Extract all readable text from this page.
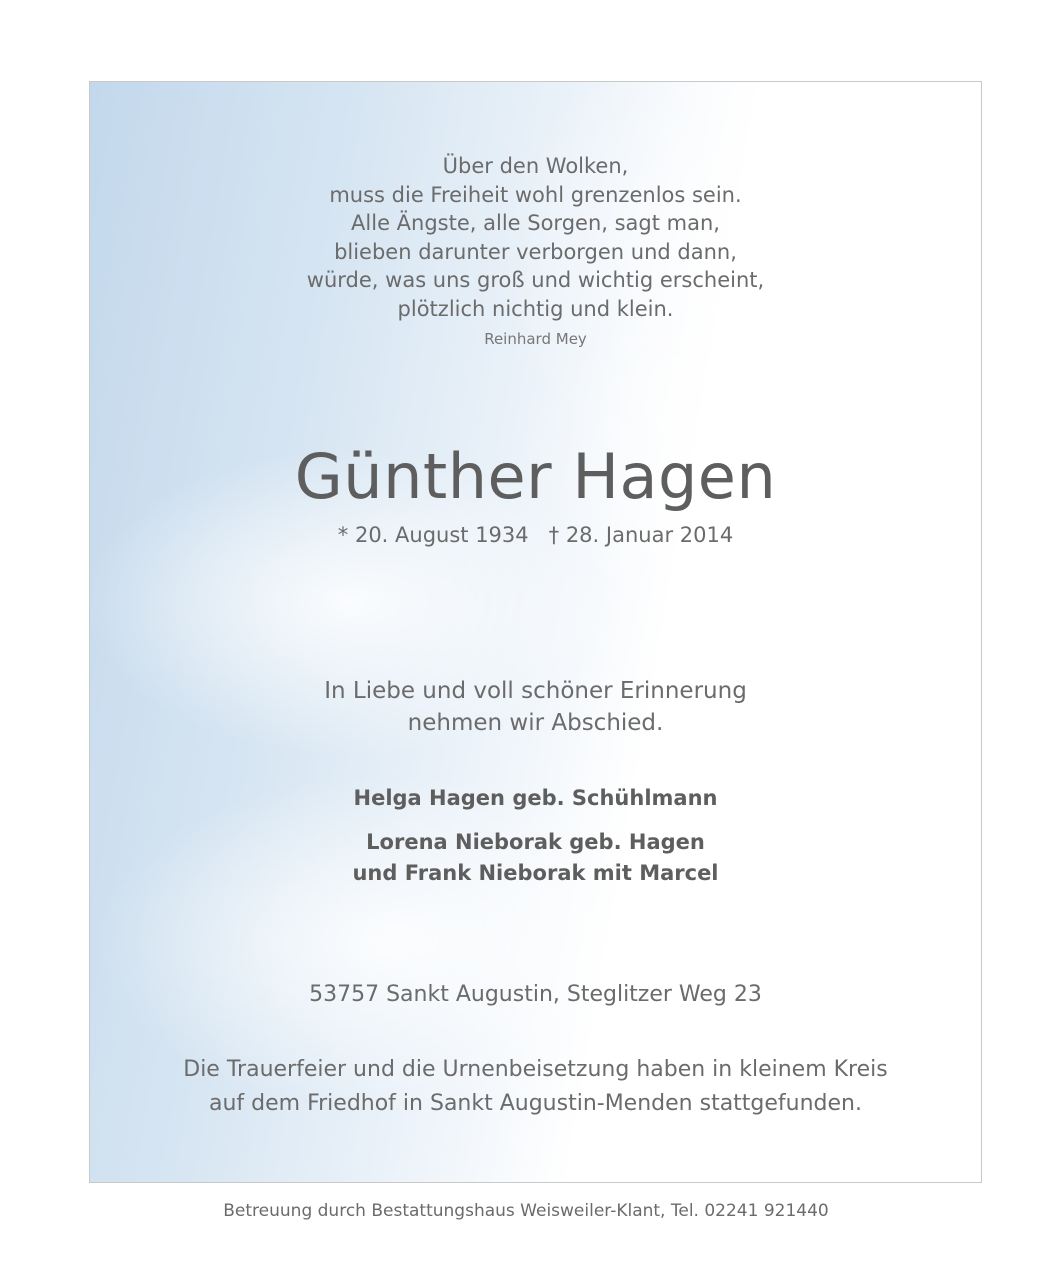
Über den Wolken,
muss die Freiheit wohl grenzenlos sein.
Alle Ängste, alle Sorgen, sagt man,
blieben darunter verborgen und dann,
würde, was uns groß und wichtig erscheint,
plötzlich nichtig und klein.
Reinhard Mey
Günther Hagen
* 20. August 1934 † 28. Januar 2014
In Liebe und voll schöner Erinnerung
nehmen wir Abschied.
Helga Hagen geb. Schühlmann
Lorena Nieborak geb. Hagen
und Frank Nieborak mit Marcel
53757 Sankt Augustin, Steglitzer Weg 23
Die Trauerfeier und die Urnenbeisetzung haben in kleinem Kreis
auf dem Friedhof in Sankt Augustin-Menden stattgefunden.
Betreuung durch Bestattungshaus Weisweiler-Klant, Tel. 02241 921440
